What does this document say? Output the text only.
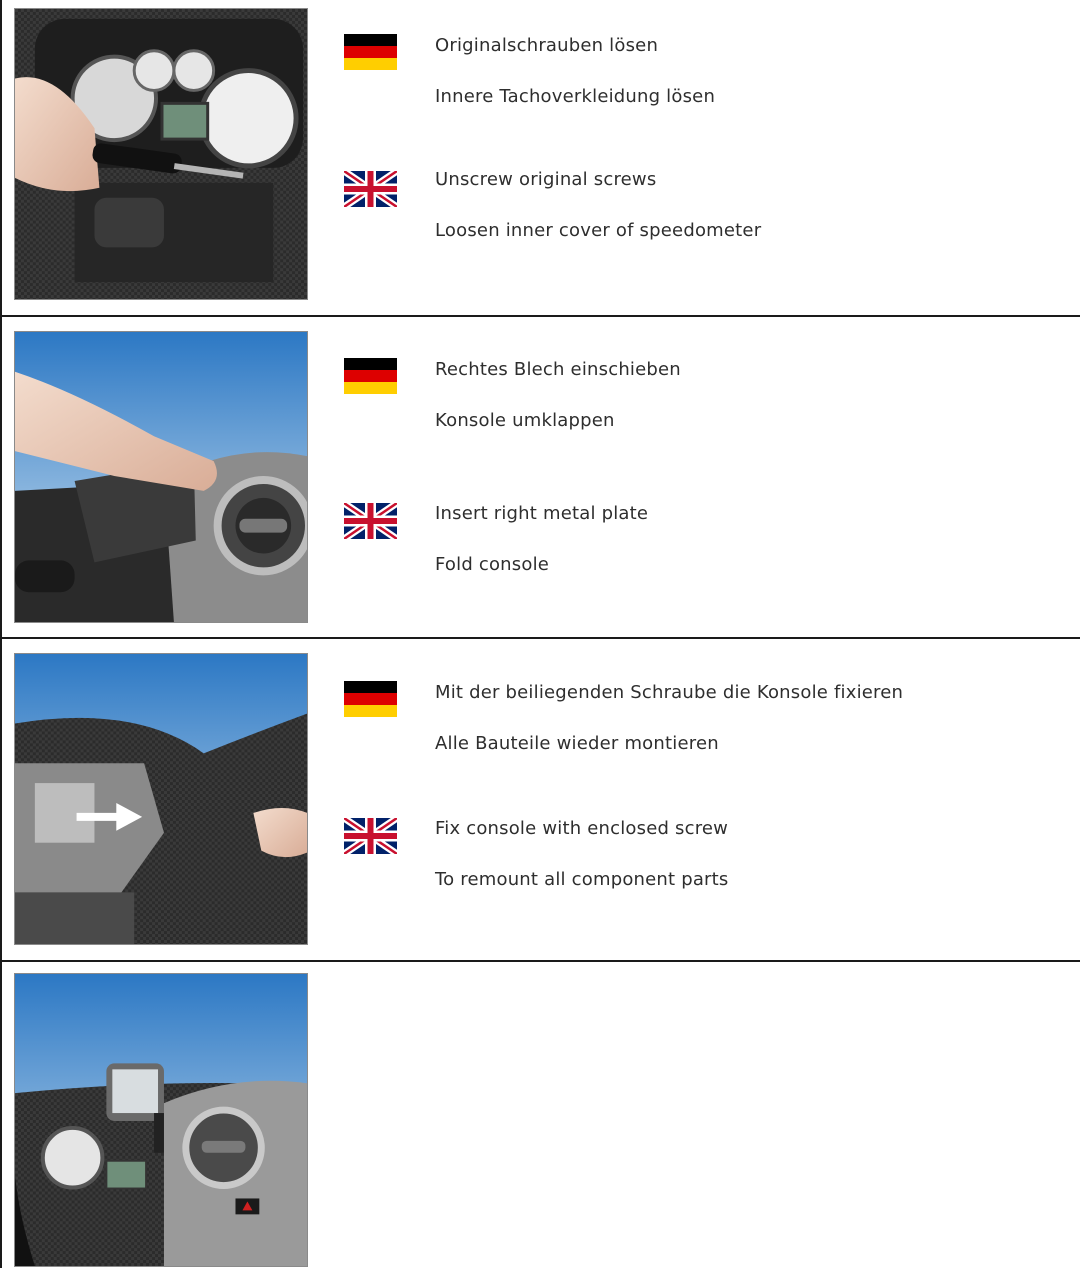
Originalschrauben lösen
Innere Tachoverkleidung lösen
Unscrew original screws
Loosen inner cover of speedometer
Rechtes Blech einschieben
Konsole umklappen
Insert right metal plate
Fold console
Mit der beiliegenden Schraube die Konsole fixieren
Alle Bauteile wieder montieren
Fix console with enclosed screw
To remount all component parts
